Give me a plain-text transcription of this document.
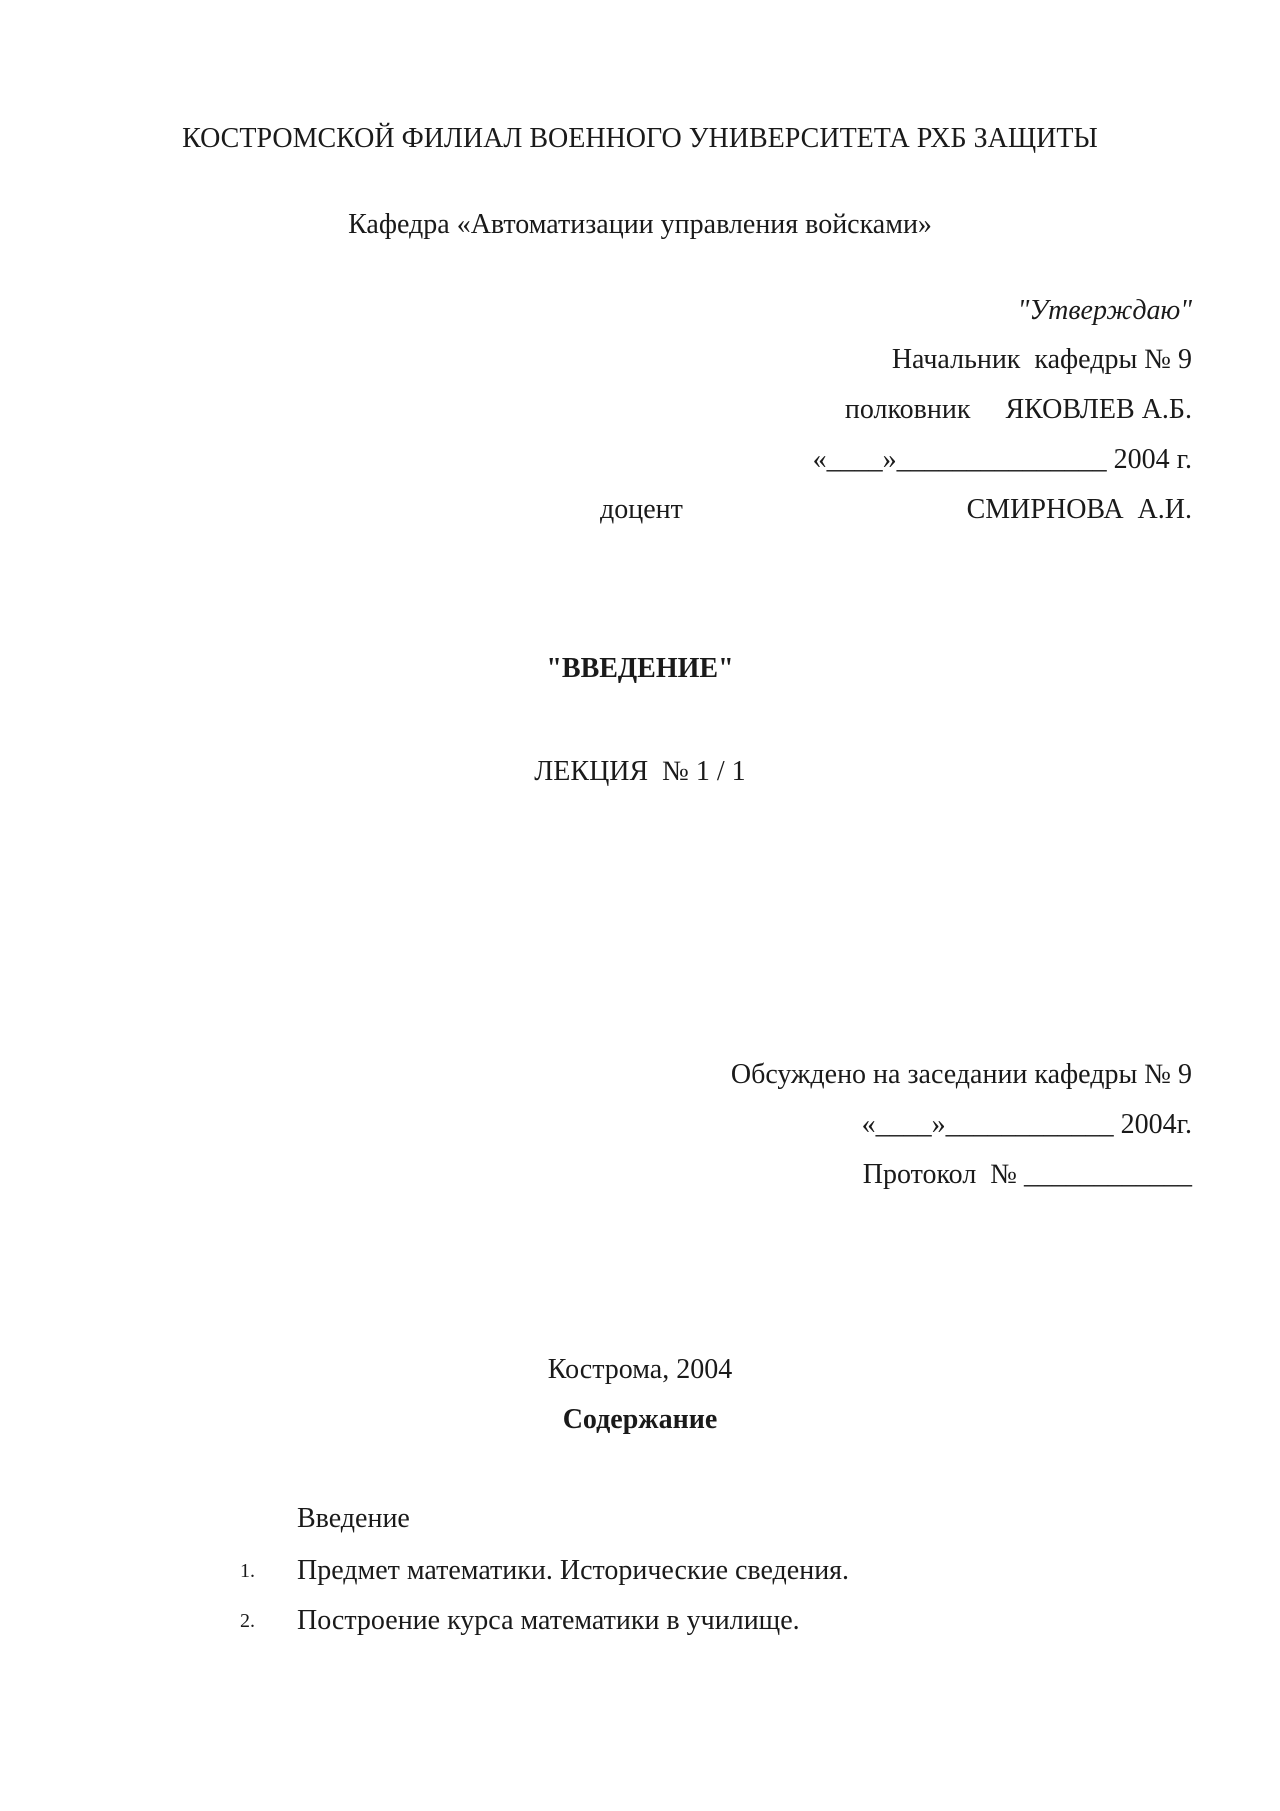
КОСТРОМСКОЙ ФИЛИАЛ ВОЕННОГО УНИВЕРСИТЕТА РХБ ЗАЩИТЫ
Кафедра «Автоматизации управления войсками»
"Утверждаю"
Начальник  кафедры № 9
полковник     ЯКОВЛЕВ А.Б.
«____»_______________ 2004 г.
доцент	СМИРНОВА  А.И.
"ВВЕДЕНИЕ"
ЛЕКЦИЯ  № 1 / 1
Обсуждено на заседании кафедры № 9
«____»____________ 2004г.
Протокол  № ____________
Кострома, 2004
Содержание
Введение
1. Предмет математики. Исторические сведения.
2. Построение курса математики в училище.
